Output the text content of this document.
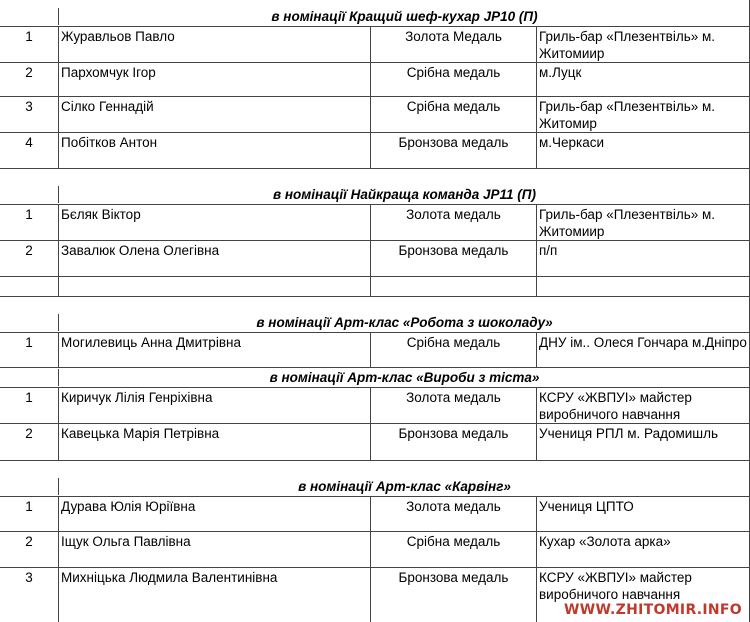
в номінації Кращий шеф-кухар JP10 (П)
1	Журавльов Павло	Золота Медаль	Гриль-бар «Плезентвіль» м. Житомиир
2	Пархомчук Ігор	Срібна медаль	м.Луцк
3	Сілко Геннадій	Срібна медаль	Гриль-бар «Плезентвіль» м. Житомир
4	Побітков Антон	Бронзова медаль	м.Черкаси
в номінації Найкраща команда JP11 (П)
1	Бєляк Віктор	Золота медаль	Гриль-бар «Плезентвіль» м. Житомиир
2	Завалюк Олена Олегівна	Бронзова медаль	п/п
в номінації Арт-клас «Робота з шоколаду»
1	Могилевиць Анна Дмитрівна	Срібна медаль	ДНУ ім.. Олеся Гончара м.Дніпро
в номінації Арт-клас «Вироби з тіста»
1	Киричук Лілія Генріхівна	Золота медаль	КСРУ «ЖВПУІ» майстер виробничого навчання
2	Кавецька Марія Петрівна	Бронзова медаль	Учениця РПЛ м. Радомишль
в номінації Арт-клас «Карвінг»
1	Дурава Юлія Юріївна	Золота медаль	Учениця ЦПТО
2	Іщук Ольга Павлівна	Срібна медаль	Кухар «Золота арка»
3	Михніцька Людмила Валентинівна	Бронзова медаль	КСРУ «ЖВПУІ» майстер виробничого навчання
WWW.ZHITOMIR.INFO
